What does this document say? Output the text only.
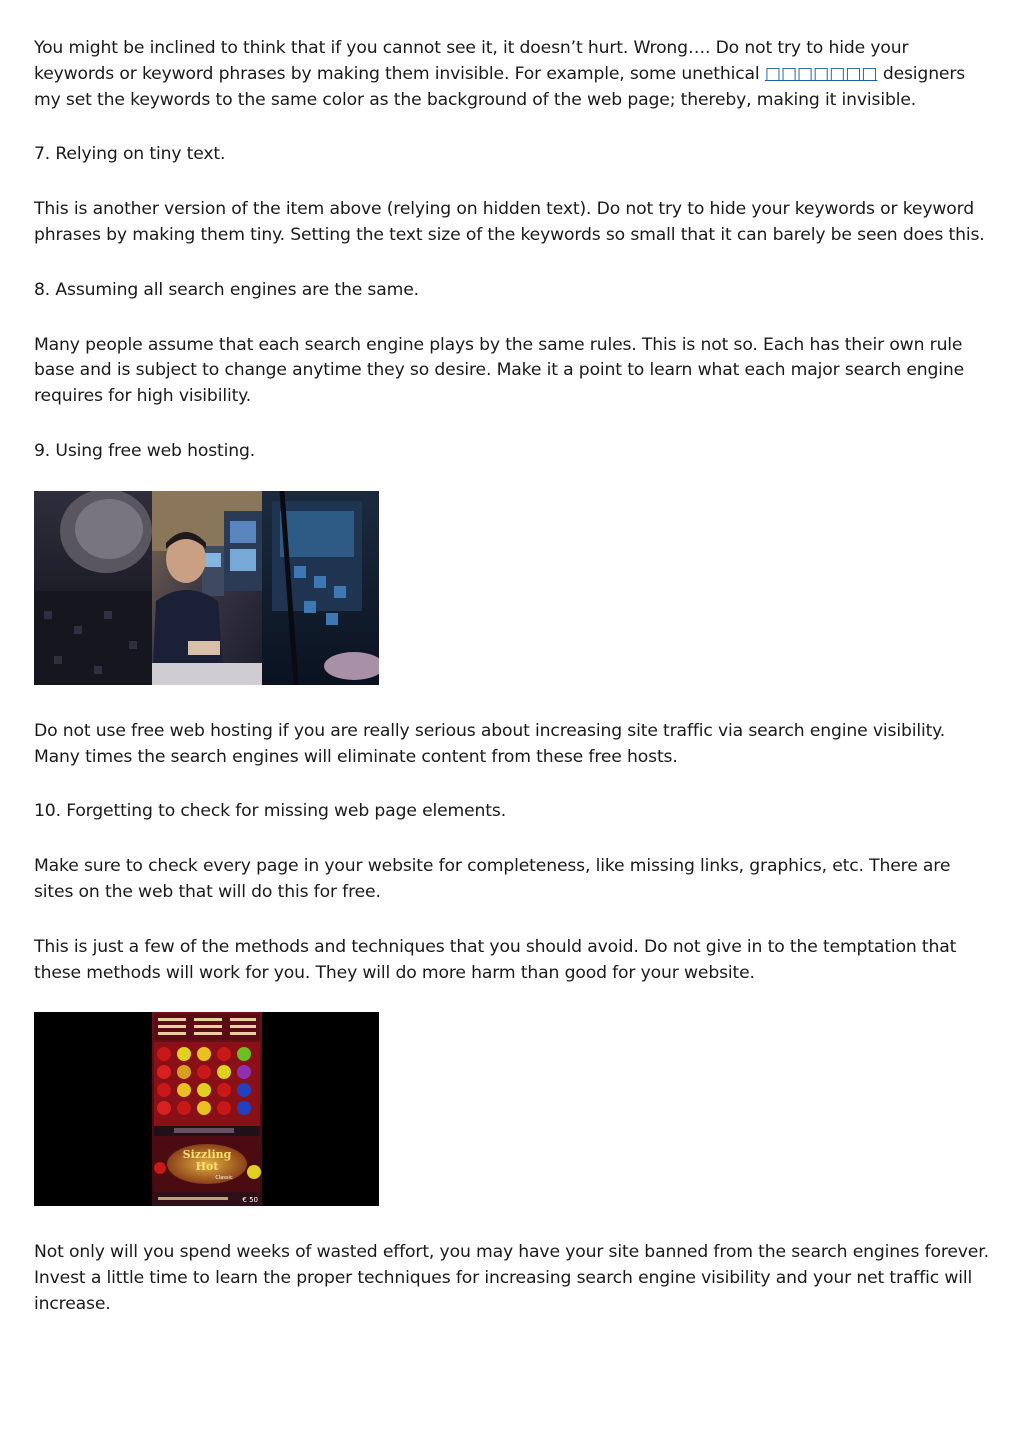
You might be inclined to think that if you cannot see it, it doesn’t hurt. Wrong…. Do not try to hide your keywords or keyword phrases by making them invisible. For example, some unethical □□□□□□□ designers my set the keywords to the same color as the background of the web page; thereby, making it invisible.

7. Relying on tiny text.

This is another version of the item above (relying on hidden text). Do not try to hide your keywords or keyword phrases by making them tiny. Setting the text size of the keywords so small that it can barely be seen does this.

8. Assuming all search engines are the same.

Many people assume that each search engine plays by the same rules. This is not so. Each has their own rule base and is subject to change anytime they so desire. Make it a point to learn what each major search engine requires for high visibility.

9. Using free web hosting.

Do not use free web hosting if you are really serious about increasing site traffic via search engine visibility. Many times the search engines will eliminate content from these free hosts.

10. Forgetting to check for missing web page elements.

Make sure to check every page in your website for completeness, like missing links, graphics, etc. There are sites on the web that will do this for free.

This is just a few of the methods and techniques that you should avoid. Do not give in to the temptation that these methods will work for you. They will do more harm than good for your website.

Sizzling
Hot
Classic
€ 50

Not only will you spend weeks of wasted effort, you may have your site banned from the search engines forever. Invest a little time to learn the proper techniques for increasing search engine visibility and your net traffic will increase.
